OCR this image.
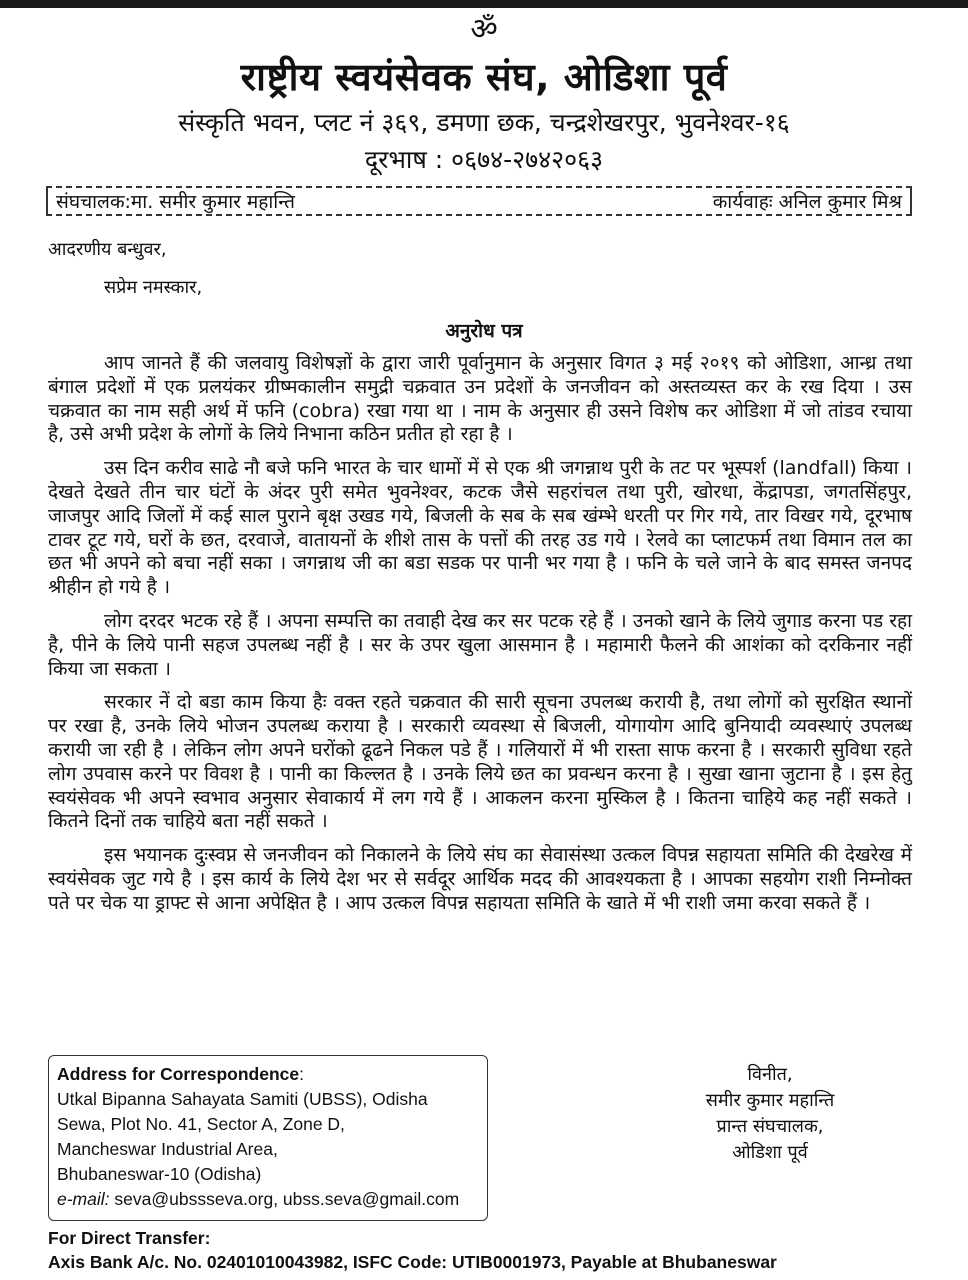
ॐ
राष्ट्रीय स्वयंसेवक संघ, ओडिशा पूर्व
संस्कृति भवन, प्लट नं ३६९, डमणा छक, चन्द्रशेखरपुर, भुवनेश्वर-१६
दूरभाष : ०६७४-२७४२०६३
संघचालक:मा. समीर कुमार महान्ति	कार्यवाहः अनिल कुमार मिश्र
आदरणीय बन्धुवर,
सप्रेम नमस्कार,
अनुरोध पत्र

आप जानते हैं की जलवायु विशेषज्ञों के द्वारा जारी पूर्वानुमान के अनुसार विगत ३ मई २०१९ को ओडिशा, आन्ध्र तथा बंगाल प्रदेशों में एक प्रलयंकर ग्रीष्मकालीन समुद्री चक्रवात उन प्रदेशों के जनजीवन को अस्तव्यस्त कर के रख दिया । उस चक्रवात का नाम सही अर्थ में फनि (cobra) रखा गया था । नाम के अनुसार ही उसने विशेष कर ओडिशा में जो तांडव रचाया है, उसे अभी प्रदेश के लोगों के लिये निभाना कठिन प्रतीत हो रहा है ।

उस दिन करीव साढे नौ बजे फनि भारत के चार धामों में से एक श्री जगन्नाथ पुरी के तट पर भूस्पर्श (landfall) किया । देखते देखते तीन चार घंटों के अंदर पुरी समेत भुवनेश्वर, कटक जैसे सहरांचल तथा पुरी, खोरधा, केंद्रापडा, जगतसिंहपुर, जाजपुर आदि जिलों में कई साल पुराने बृक्ष उखड गये, बिजली के सब के सब खंम्भे धरती पर गिर गये, तार विखर गये, दूरभाष टावर टूट गये, घरों के छत, दरवाजे, वातायनों के शीशे तास के पत्तों की तरह उड गये । रेलवे का प्लाटफर्म तथा विमान तल का छत भी अपने को बचा नहीं सका । जगन्नाथ जी का बडा सडक पर पानी भर गया है । फनि के चले जाने के बाद समस्त जनपद श्रीहीन हो गये है ।

लोग दरदर भटक रहे हैं । अपना सम्पत्ति का तवाही देख कर सर पटक रहे हैं । उनको खाने के लिये जुगाड करना पड रहा है, पीने के लिये पानी सहज उपलब्ध नहीं है । सर के उपर खुला आसमान है । महामारी फैलने की आशंका को दरकिनार नहीं किया जा सकता ।

सरकार नें दो बडा काम किया हैः वक्त रहते चक्रवात की सारी सूचना उपलब्ध करायी है, तथा लोगों को सुरक्षित स्थानों पर रखा है, उनके लिये भोजन उपलब्ध कराया है । सरकारी व्यवस्था से बिजली, योगायोग आदि बुनियादी व्यवस्थाएं उपलब्ध करायी जा रही है । लेकिन लोग अपने घरोंको ढूढने निकल पडे हैं । गलियारों में भी रास्ता साफ करना है । सरकारी सुविधा रहते लोग उपवास करने पर विवश है । पानी का किल्लत है । उनके लिये छत का प्रवन्धन करना है । सुखा खाना जुटाना है । इस हेतु स्वयंसेवक भी अपने स्वभाव अनुसार सेवाकार्य में लग गये हैं । आकलन करना मुस्किल है । कितना चाहिये कह नहीं सकते । कितने दिनों तक चाहिये बता नहीं सकते ।

इस भयानक दुःस्वप्न से जनजीवन को निकालने के लिये संघ का सेवासंस्था उत्कल विपन्न सहायता समिति की देखरेख में स्वयंसेवक जुट गये है । इस कार्य के लिये देश भर से सर्वदूर आर्थिक मदद की आवश्यकता है । आपका सहयोग राशी निम्नोक्त पते पर चेक या ड्राफ्ट से आना अपेक्षित है । आप उत्कल विपन्न सहायता समिति के खाते में भी राशी जमा करवा सकते हैं ।

Address for Correspondence:
Utkal Bipanna Sahayata Samiti (UBSS), Odisha
Sewa, Plot No. 41, Sector A, Zone D,
Mancheswar Industrial Area,
Bhubaneswar-10 (Odisha)
e-mail: seva@ubssseva.org, ubss.seva@gmail.com
विनीत,
समीर कुमार महान्ति
प्रान्त संघचालक,
ओडिशा पूर्व
For Direct Transfer:
Axis Bank A/c. No. 02401010043982, ISFC Code: UTIB0001973, Payable at Bhubaneswar
